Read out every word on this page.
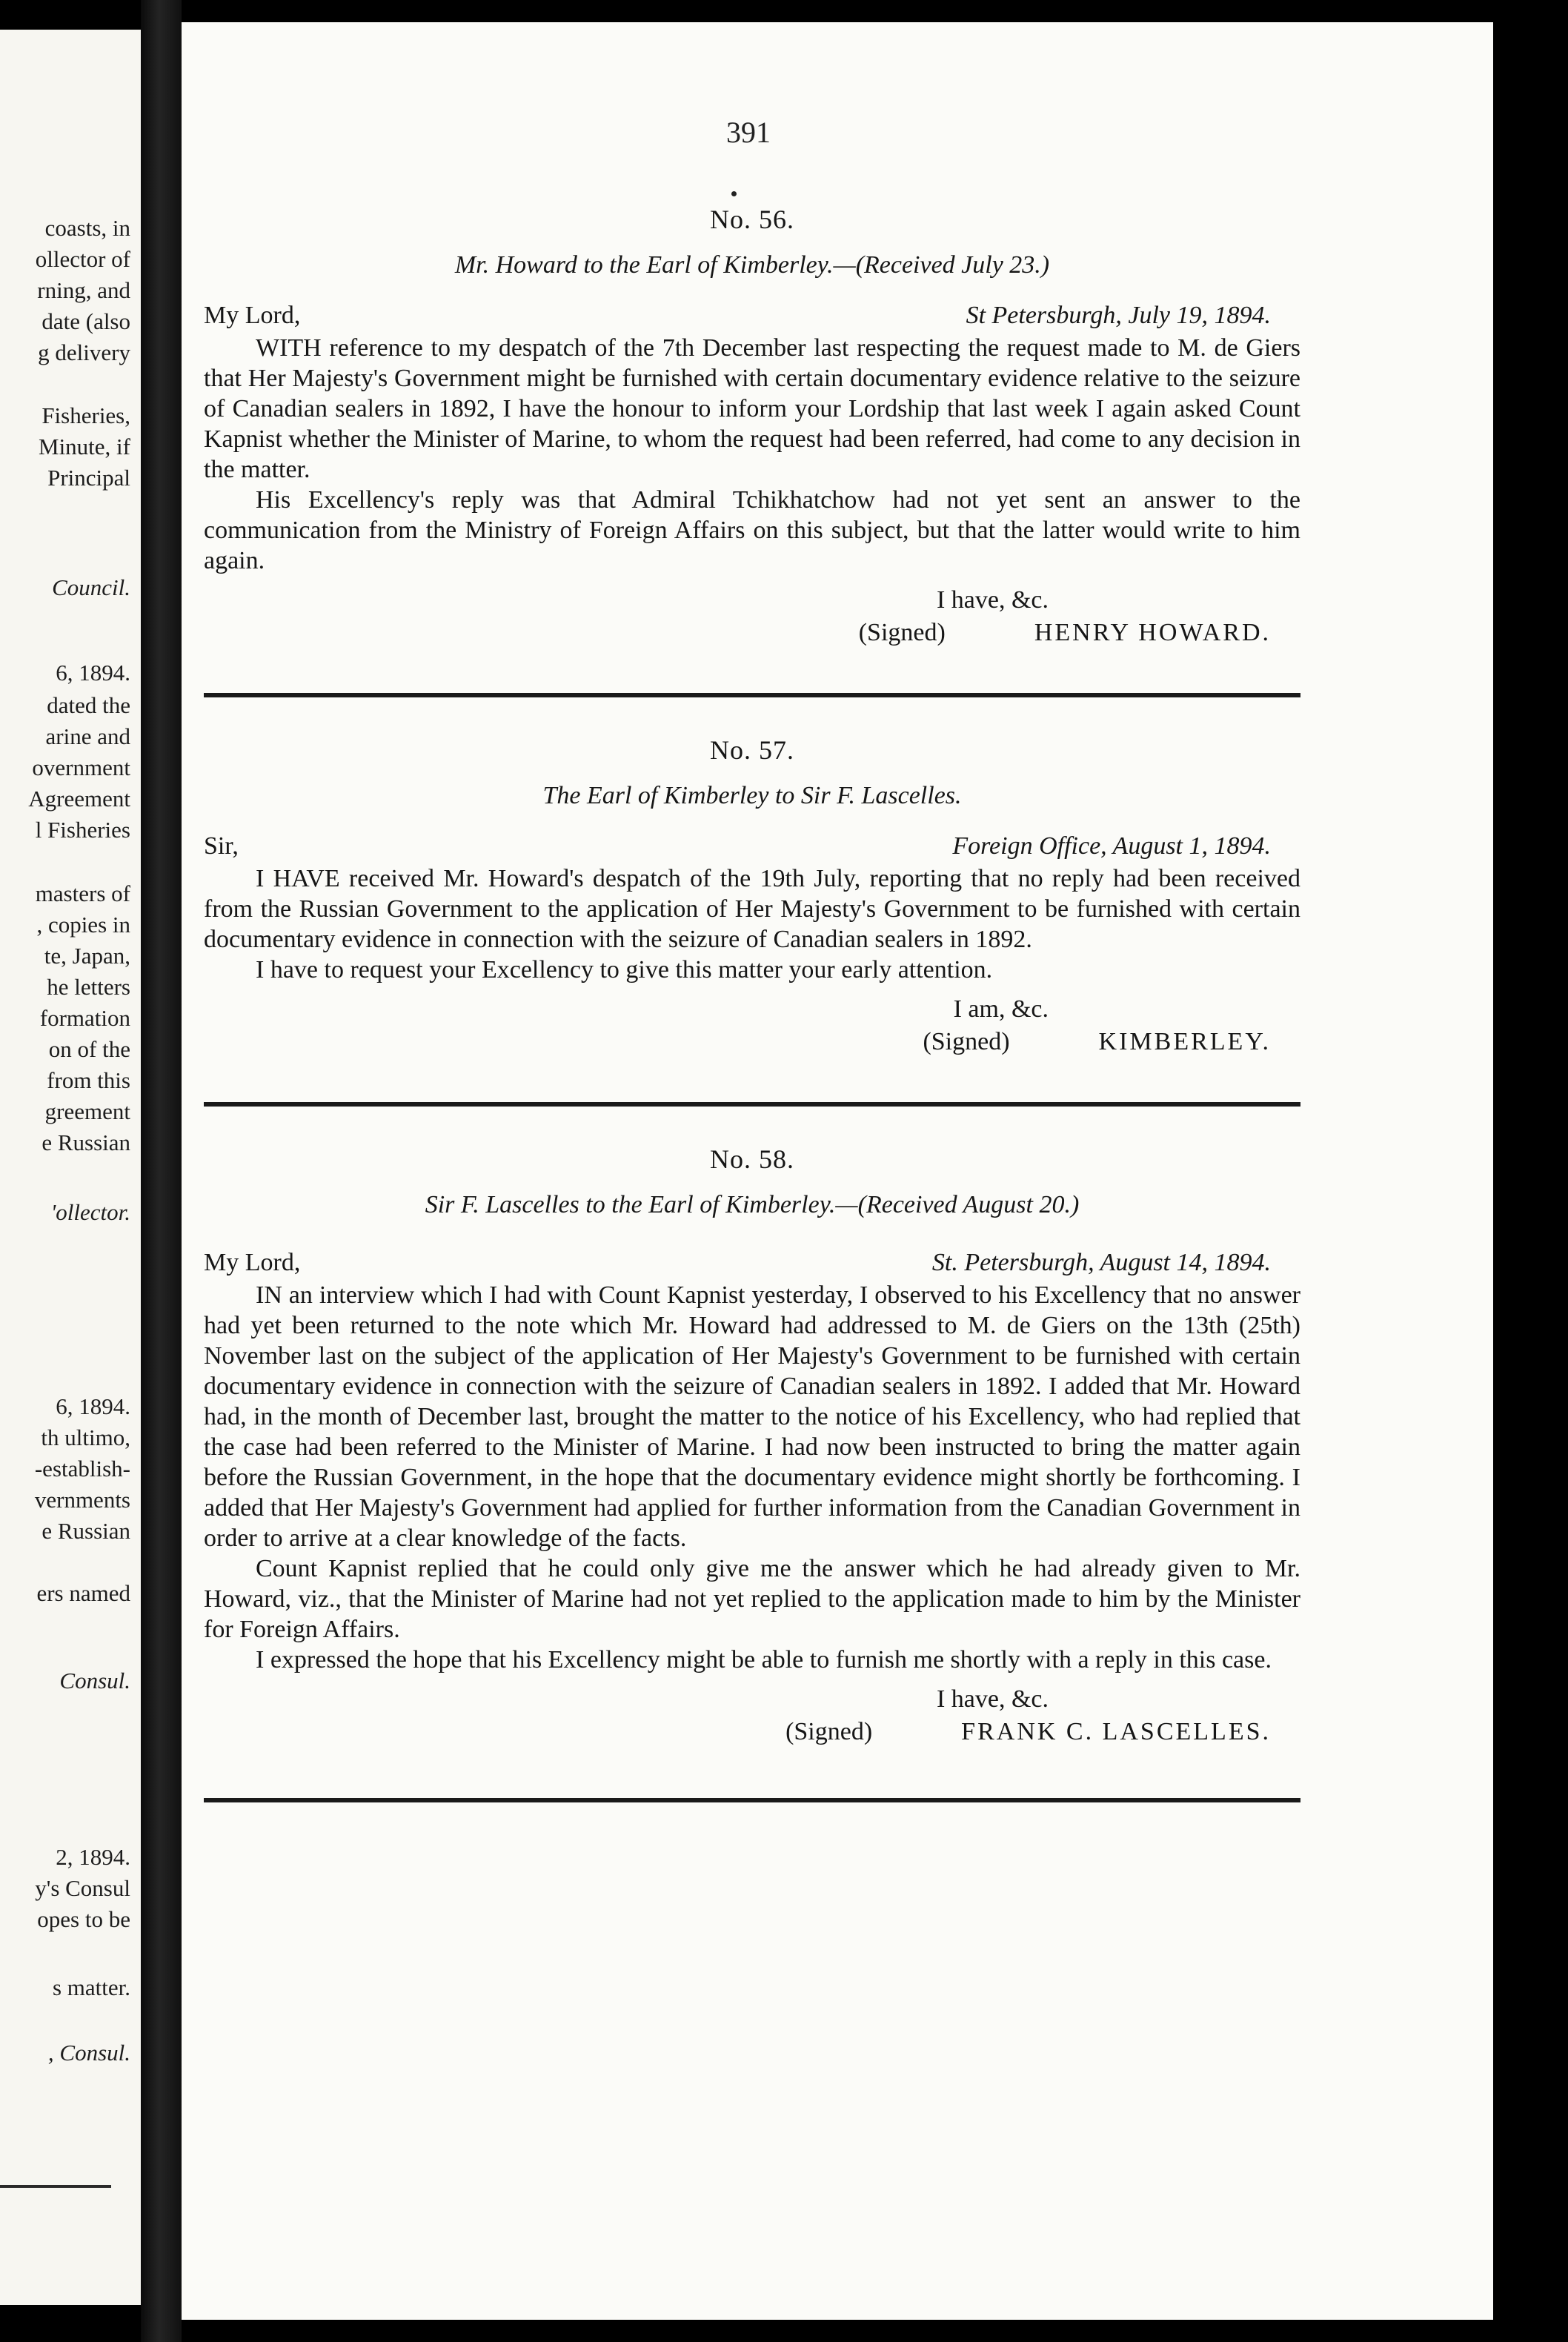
coasts, in
ollector of
rning, and
date (also
g delivery
Fisheries,
Minute, if
Principal
Council.
6, 1894.
dated the
arine and
overnment
Agreement
l Fisheries
masters of
, copies in
te, Japan,
he letters
formation
on of the
from this
greement
e Russian
'ollector.
6, 1894.
th ultimo,
-establish-
vernments
e Russian
ers named
Consul.
2, 1894.
y's Consul
opes to be
s matter.
, Consul.
391
No. 56.
Mr. Howard to the Earl of Kimberley.—(Received July 23.)
My Lord,	St Petersburgh, July 19, 1894.

WITH reference to my despatch of the 7th December last respecting the request made to M. de Giers that Her Majesty's Government might be furnished with certain documentary evidence relative to the seizure of Canadian sealers in 1892, I have the honour to inform your Lordship that last week I again asked Count Kapnist whether the Minister of Marine, to whom the request had been referred, had come to any decision in the matter.

His Excellency's reply was that Admiral Tchikhatchow had not yet sent an answer to the communication from the Ministry of Foreign Affairs on this subject, but that the latter would write to him again.

I have, &c.
(Signed)	HENRY HOWARD.
No. 57.
The Earl of Kimberley to Sir F. Lascelles.
Sir,	Foreign Office, August 1, 1894.

I HAVE received Mr. Howard's despatch of the 19th July, reporting that no reply had been received from the Russian Government to the application of Her Majesty's Government to be furnished with certain documentary evidence in connection with the seizure of Canadian sealers in 1892.

I have to request your Excellency to give this matter your early attention.

I am, &c.
(Signed)	KIMBERLEY.
No. 58.
Sir F. Lascelles to the Earl of Kimberley.—(Received August 20.)
My Lord,	St. Petersburgh, August 14, 1894.

IN an interview which I had with Count Kapnist yesterday, I observed to his Excellency that no answer had yet been returned to the note which Mr. Howard had addressed to M. de Giers on the 13th (25th) November last on the subject of the application of Her Majesty's Government to be furnished with certain documentary evidence in connection with the seizure of Canadian sealers in 1892. I added that Mr. Howard had, in the month of December last, brought the matter to the notice of his Excellency, who had replied that the case had been referred to the Minister of Marine. I had now been instructed to bring the matter again before the Russian Government, in the hope that the documentary evidence might shortly be forthcoming. I added that Her Majesty's Government had applied for further information from the Canadian Government in order to arrive at a clear knowledge of the facts.

Count Kapnist replied that he could only give me the answer which he had already given to Mr. Howard, viz., that the Minister of Marine had not yet replied to the application made to him by the Minister for Foreign Affairs.

I expressed the hope that his Excellency might be able to furnish me shortly with a reply in this case.

I have, &c.
(Signed)	FRANK C. LASCELLES.
